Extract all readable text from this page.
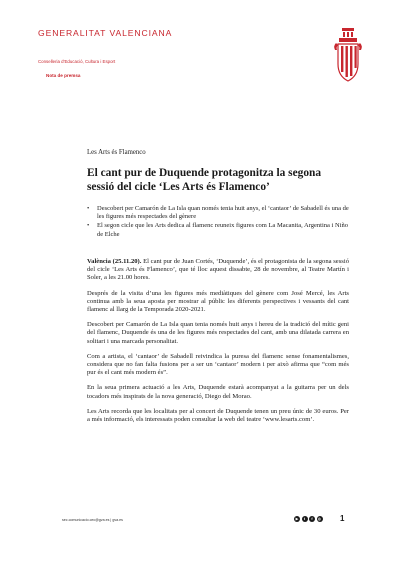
GENERALITAT VALENCIANA
Conselleria d'Educació, Cultura i Esport
Nota de premsa
Les Arts és Flamenco
El cant pur de Duquende protagonitza la segona sessió del cicle ‘Les Arts és Flamenco’
• Descobert per Camarón de La Isla quan només tenia huit anys, el ‘cantaor’ de Sabadell és una de les figures més respectades del gènere
• El segon cicle que les Arts dedica al flamenc reuneix figures com La Macanita, Argentina i Niño de Elche

València (25.11.20). El cant pur de Juan Cortés, ‘Duquende’, és el protagonista de la segona sessió del cicle ‘Les Arts és Flamenco’, que té lloc aquest dissabte, 28 de novembre, al Teatre Martín i Soler, a les 21.00 hores.

Després de la visita d’una les figures més mediàtiques del gènere com José Mercé, les Arts continua amb la seua aposta per mostrar al públic les diferents perspectives i vessants del cant flamenc al llarg de la Temporada 2020-2021.

Descobert per Camarón de La Isla quan tenia només huit anys i hereu de la tradició del mític geni del flamenc, Duquende és una de les figures més respectades del cant, amb una dilatada carrera en solitari i una marcada personalitat.

Com a artista, el ‘cantaor’ de Sabadell reivindica la puresa del flamenc sense fonamentalismes, considera que no fan falta fusions per a ser un ‘cantaor’ modern i per això afirma que “com més pur és el cant més modern és”.

En la seua primera actuació a les Arts, Duquende estarà acompanyat a la guitarra per un dels tocadors més inspirats de la nova generació, Diego del Morao.

Les Arts recorda que les localitats per al concert de Duquende tenen un preu únic de 30 euros. Per a més informació, els interessats poden consultar la web del teatre ‘www.lesarts.com’.

sec.comunicacio.cec@gva.es | gva.es	▶	t	f	◎ 1
